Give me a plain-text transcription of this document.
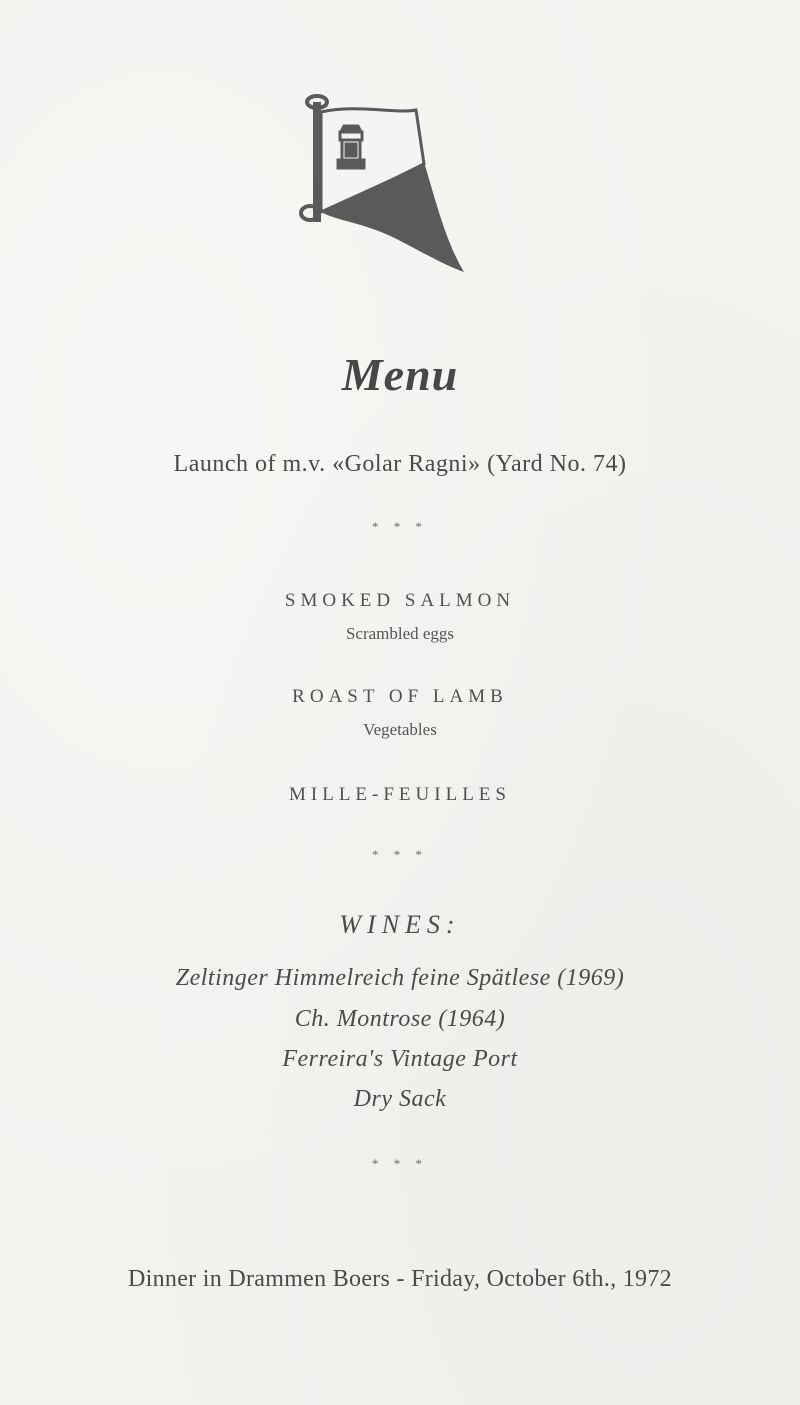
Menu
Launch of m.v. «Golar Ragni» (Yard No. 74)
* * *
SMOKED SALMON
Scrambled eggs
ROAST OF LAMB
Vegetables
MILLE-FEUILLES
* * *
WINES:
Zeltinger Himmelreich feine Spätlese (1969)
Ch. Montrose (1964)
Ferreira's Vintage Port
Dry Sack
* * *
Dinner in Drammen Boers - Friday, October 6th., 1972
